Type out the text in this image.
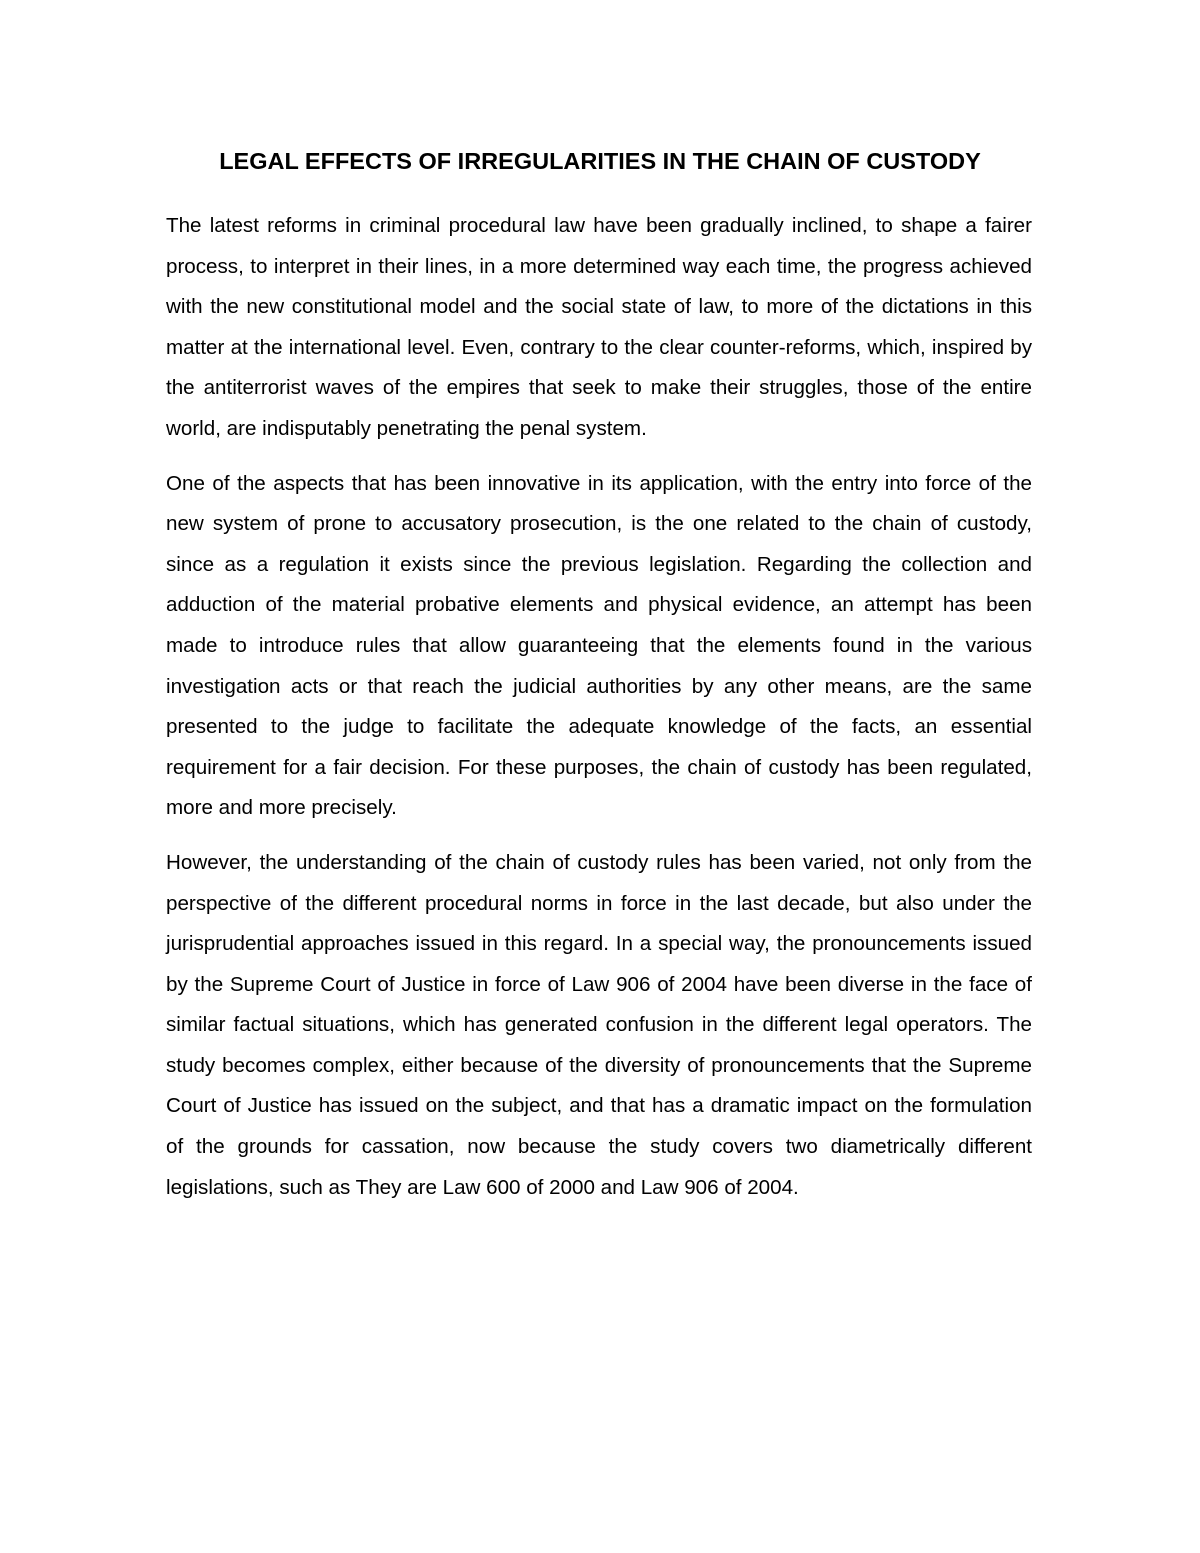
LEGAL EFFECTS OF IRREGULARITIES IN THE CHAIN OF CUSTODY

The latest reforms in criminal procedural law have been gradually inclined, to shape a fairer process, to interpret in their lines, in a more determined way each time, the progress achieved with the new constitutional model and the social state of law, to more of the dictations in this matter at the international level. Even, contrary to the clear counter-reforms, which, inspired by the antiterrorist waves of the empires that seek to make their struggles, those of the entire world, are indisputably penetrating the penal system.

One of the aspects that has been innovative in its application, with the entry into force of the new system of prone to accusatory prosecution, is the one related to the chain of custody, since as a regulation it exists since the previous legislation. Regarding the collection and adduction of the material probative elements and physical evidence, an attempt has been made to introduce rules that allow guaranteeing that the elements found in the various investigation acts or that reach the judicial authorities by any other means, are the same presented to the judge to facilitate the adequate knowledge of the facts, an essential requirement for a fair decision. For these purposes, the chain of custody has been regulated, more and more precisely.

However, the understanding of the chain of custody rules has been varied, not only from the perspective of the different procedural norms in force in the last decade, but also under the jurisprudential approaches issued in this regard. In a special way, the pronouncements issued by the Supreme Court of Justice in force of Law 906 of 2004 have been diverse in the face of similar factual situations, which has generated confusion in the different legal operators. The study becomes complex, either because of the diversity of pronouncements that the Supreme Court of Justice has issued on the subject, and that has a dramatic impact on the formulation of the grounds for cassation, now because the study covers two diametrically different legislations, such as They are Law 600 of 2000 and Law 906 of 2004.
